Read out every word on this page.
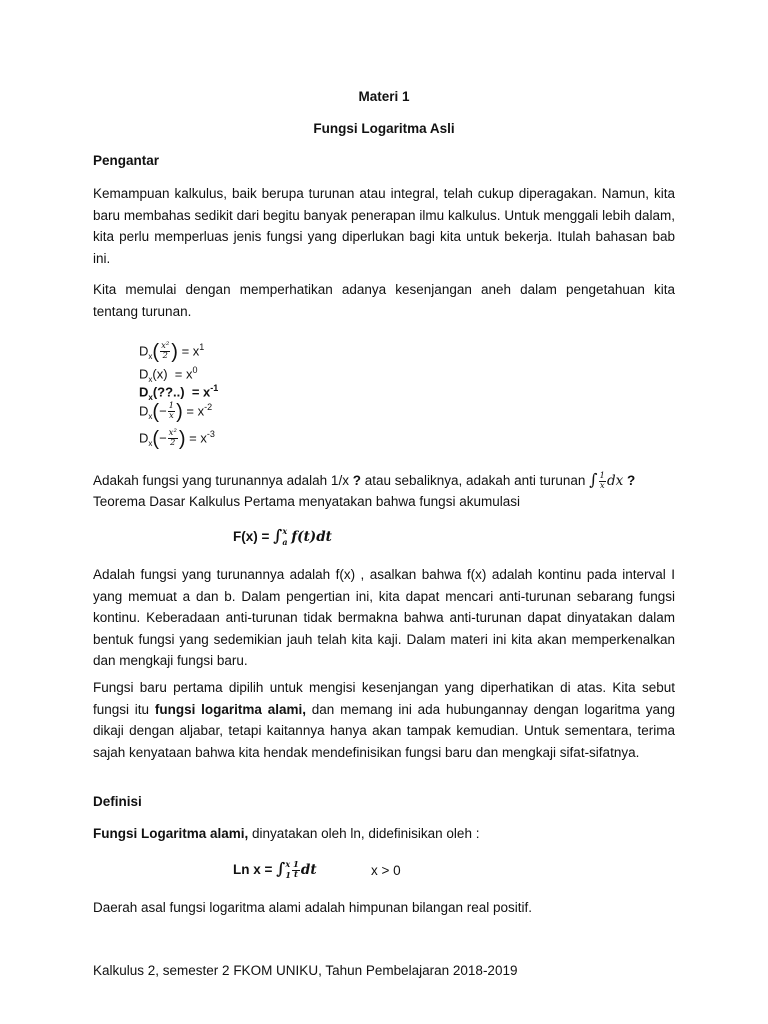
Materi 1
Fungsi Logaritma Asli
Pengantar
Kemampuan kalkulus, baik berupa turunan atau integral, telah cukup diperagakan. Namun, kita baru membahas sedikit dari begitu banyak penerapan ilmu kalkulus. Untuk menggali lebih dalam, kita perlu memperluas jenis fungsi yang diperlukan bagi kita untuk bekerja. Itulah bahasan bab ini.
Kita memulai dengan memperhatikan adanya kesenjangan aneh dalam pengetahuan kita tentang turunan.
$D_x( \frac{\text{x²}}{2}$ ) = $x^1$
$D_x(x) = x^0$
$D_x(??..) = x^{-1}$
$D_x(- \frac{1}{x}$ ) = $x^{-2}$
$D_x(- \frac{\text{x²}}{2}$ ) = $x^{-3}$
Adakah fungsi yang turunannya adalah 1/x ? atau sebaliknya, adakah anti turunan ∫ $\frac{1}{x}$ dx ?
Teorema Dasar Kalkulus Pertama menyatakan bahwa fungsi akumulasi
F(x) = ∫ x
a f(t)dt
Adalah fungsi yang turunannya adalah f(x) , asalkan bahwa f(x) adalah kontinu pada interval I yang memuat a dan b. Dalam pengertian ini, kita dapat mencari anti-turunan sebarang fungsi kontinu. Keberadaan anti-turunan tidak bermakna bahwa anti-turunan dapat dinyatakan dalam bentuk fungsi yang sedemikian jauh telah kita kaji. Dalam materi ini kita akan memperkenalkan dan mengkaji fungsi baru.
Fungsi baru pertama dipilih untuk mengisi kesenjangan yang diperhatikan di atas. Kita sebut fungsi itu fungsi logaritma alami, dan memang ini ada hubungannay dengan logaritma yang dikaji dengan aljabar, tetapi kaitannya hanya akan tampak kemudian. Untuk sementara, terima sajah kenyataan bahwa kita hendak mendefinisikan fungsi baru dan mengkaji sifat-sifatnya.
Definisi
Fungsi Logaritma alami, dinyatakan oleh ln, didefinisikan oleh :
Ln x = ∫ x
$1 \frac{1}{t}$ dt	x > 0
Daerah asal fungsi logaritma alami adalah himpunan bilangan real positif.
Kalkulus 2, semester 2 FKOM UNIKU, Tahun Pembelajaran 2018-2019
